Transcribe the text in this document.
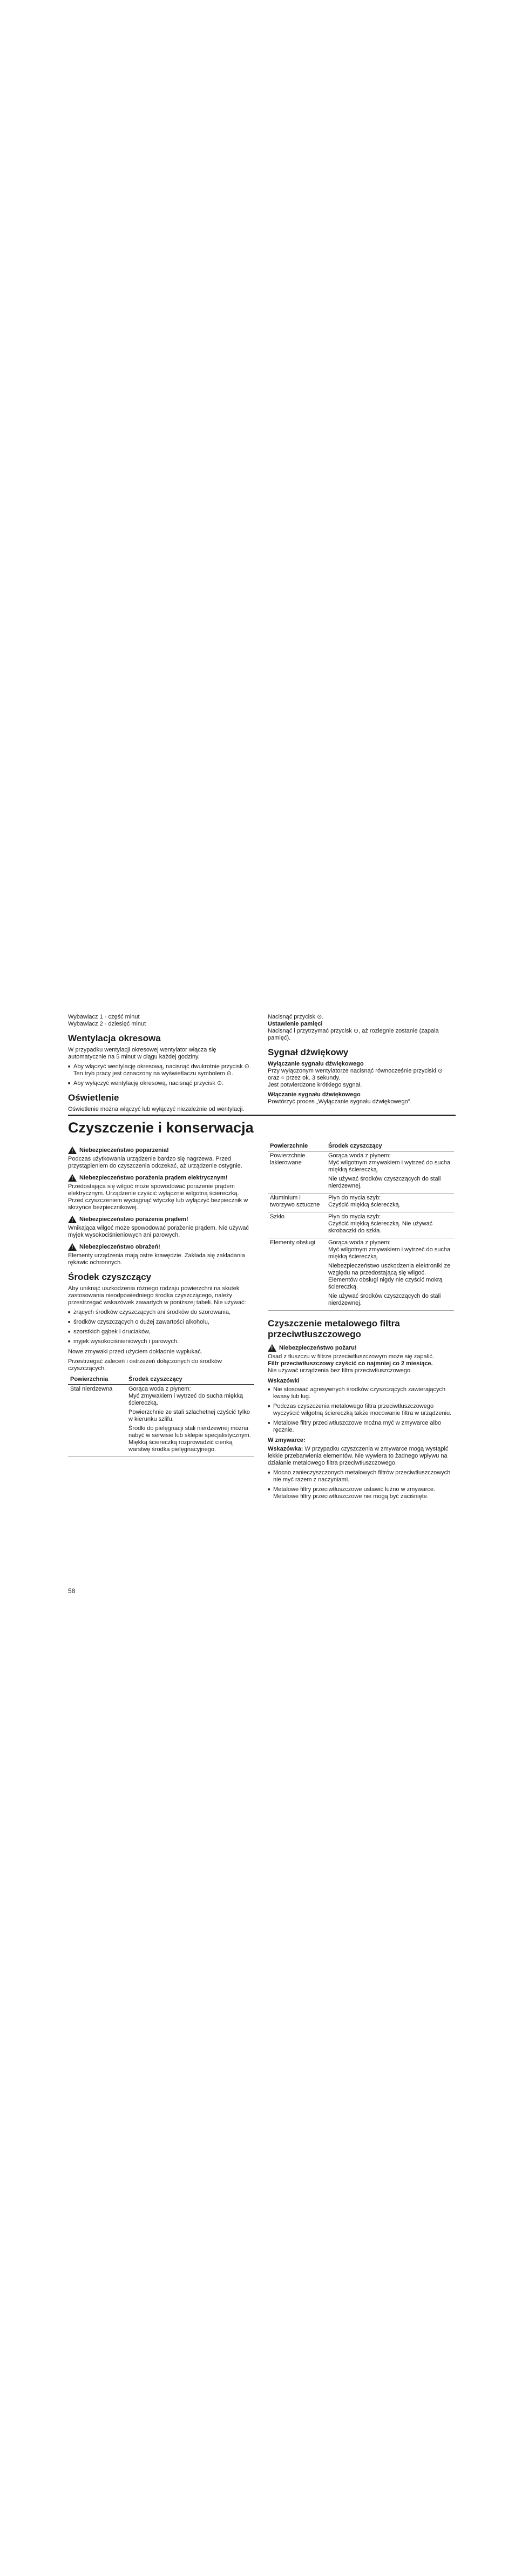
Wybawiacz 1 - część minut

Wybawiacz 2 - dziesięć minut

Wentylacja okresowa

W przypadku wentylacji okresowej wentylator włącza się automatycznie na 5 minut w ciągu każdej godziny.

■ Aby włączyć wentylację okresową, nacisnąć dwukrotnie przycisk ⊙.
Ten tryb pracy jest oznaczony na wyświetlaczu symbolem ⊙.
■ Aby wyłączyć wentylację okresową, nacisnąć przycisk ⊙.
Oświetlenie

Oświetlenie można włączyć lub wyłączyć niezależnie od wentylacji.

Nacisnąć przycisk ⊙.

Ustawienie pamięci

Nacisnąć i przytrzymać przycisk ⊙, aż rozlegnie zostanie (zapala pamięć).

Sygnał dźwiękowy

Wyłączanie sygnału dźwiękowego

Przy wyłączonym wentylatorze nacisnąć równocześnie przyciski ⊙ oraz ○ przez ok. 3 sekundy.

Jest potwierdzone krótkiego sygnał.

Włączanie sygnału dźwiękowego

Powtórzyć proces „Wyłączanie sygnału dźwiękowego”.

Czyszczenie i konserwacja
!
Niebezpieczeństwo poparzenia!

Podczas użytkowania urządzenie bardzo się nagrzewa. Przed przystąpieniem do czyszczenia odczekać, aż urządzenie ostygnie.

!
Niebezpieczeństwo porażenia prądem elektrycznym!

Przedostająca się wilgoć może spowodować porażenie prądem elektrycznym. Urządzenie czyścić wyłącznie wilgotną ściereczką. Przed czyszczeniem wyciągnąć wtyczkę lub wyłączyć bezpiecznik w skrzynce bezpiecznikowej.

!
Niebezpieczeństwo porażenia prądem!

Wnikająca wilgoć może spowodować porażenie prądem. Nie używać myjek wysokociśnieniowych ani parowych.

!
Niebezpieczeństwo obrażeń!

Elementy urządzenia mają ostre krawędzie. Zakłada się zakładania rękawic ochronnych.

Środek czyszczący

Aby uniknąć uszkodzenia różnego rodzaju powierzchni na skutek zastosowania nieodpowiedniego środka czyszczącego, należy przestrzegać wskazówek zawartych w poniższej tabeli. Nie używać:

■ żrących środków czyszczących ani środków do szorowania,
■ środków czyszczących o dużej zawartości alkoholu,
■ szorstkich gąbek i druciaków,
■ myjek wysokociśnieniowych i parowych.

Nowe zmywaki przed użyciem dokładnie wypłukać.

Przestrzegać zaleceń i ostrzeżeń dołączonych do środków czyszczących.

Powierzchnia	Środek czyszczący
Stal nierdzewna	Gorąca woda z płynem:
Myć zmywakiem i wytrzeć do sucha miękką ściereczką.
Powierzchnie ze stali szlachetnej czyścić tylko w kierunku szlifu.
Środki do pielęgnacji stali nierdzewnej można nabyć w serwisie lub sklepie specjalistycznym. Miękką ściereczką rozprowadzić cienką warstwę środka pielęgnacyjnego.
Powierzchnie	Środek czyszczący
Powierzchnie lakierowane	Gorąca woda z płynem:
Myć wilgotnym zmywakiem i wytrzeć do sucha miękką ściereczką.
Nie używać środków czyszczących do stali nierdzewnej.

Aluminium i tworzywo sztuczne	Płyn do mycia szyb:
Czyścić miękką ściereczką.

Szkło	Płyn do mycia szyb:
Czyścić miękką ściereczką. Nie używać skrobaczki do szkła.

Elementy obsługi	Gorąca woda z płynem:
Myć wilgotnym zmywakiem i wytrzeć do sucha miękką ściereczką.
Niebezpieczeństwo uszkodzenia elektroniki ze względu na przedostającą się wilgoć. Elementów obsługi nigdy nie czyścić mokrą ściereczką.
Nie używać środków czyszczących do stali nierdzewnej.
Czyszczenie metalowego filtra przeciwtłuszczowego
!
Niebezpieczeństwo pożaru!

Osad z tłuszczu w filtrze przeciwtłuszczowym może się zapalić.

Filtr przeciwtłuszczowy czyścić co najmniej co 2 miesiące.

Nie używać urządzenia bez filtra przeciwtłuszczowego.

Wskazówki

■ Nie stosować agresywnych środków czyszczących zawierających kwasy lub ług.
■ Podczas czyszczenia metalowego filtra przeciwtłuszczowego wyczyścić wilgotną ściereczką także mocowanie filtra w urządzeniu.
■ Metalowe filtry przeciwtłuszczowe można myć w zmywarce albo ręcznie.

W zmywarce:

Wskazówka: W przypadku czyszczenia w zmywarce mogą wystąpić lekkie przebarwienia elementów. Nie wywiera to żadnego wpływu na działanie metalowego filtra przeciwtłuszczowego.

■ Mocno zanieczyszczonych metalowych filtrów przeciwtłuszczowych nie myć razem z naczyniami.
■ Metalowe filtry przeciwtłuszczowe ustawić luźno w zmywarce. Metalowe filtry przeciwtłuszczowe nie mogą być zaciśnięte.
58
